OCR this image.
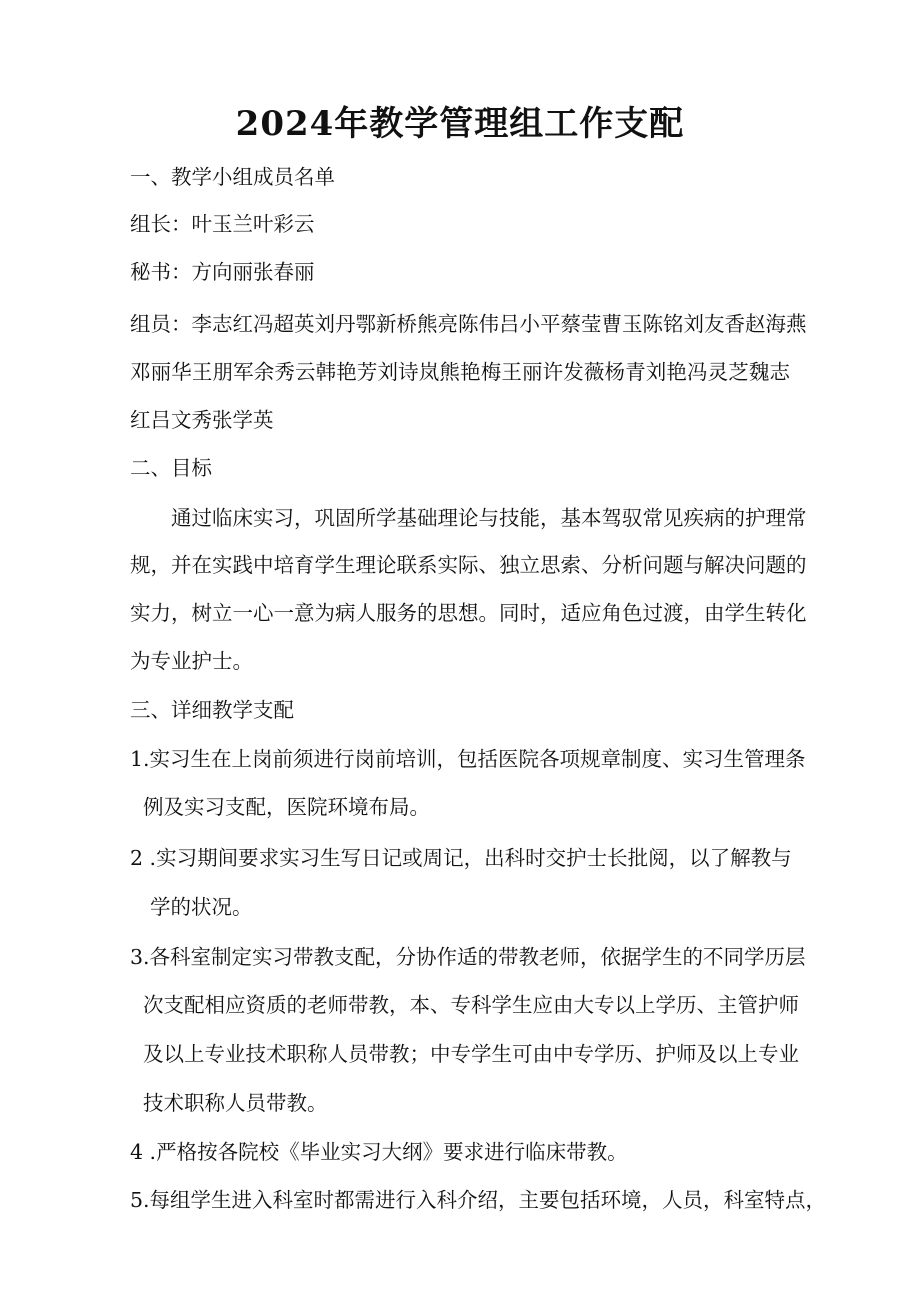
2024年教学管理组工作支配
一、教学小组成员名单
组长：叶玉兰叶彩云
秘书：方向丽张春丽
组员：李志红冯超英刘丹鄂新桥熊亮陈伟吕小平蔡莹曹玉陈铭刘友香赵海燕
邓丽华王朋军余秀云韩艳芳刘诗岚熊艳梅王丽许发薇杨青刘艳冯灵芝魏志
红吕文秀张学英
二、目标
通过临床实习，巩固所学基础理论与技能，基本驾驭常见疾病的护理常
规，并在实践中培育学生理论联系实际、独立思索、分析问题与解决问题的
实力，树立一心一意为病人服务的思想。同时，适应角色过渡，由学生转化
为专业护士。
三、详细教学支配
1.实习生在上岗前须进行岗前培训，包括医院各项规章制度、实习生管理条
例及实习支配，医院环境布局。
2 .实习期间要求实习生写日记或周记，出科时交护士长批阅，以了解教与
学的状况。
3.各科室制定实习带教支配，分协作适的带教老师，依据学生的不同学历层
次支配相应资质的老师带教，本、专科学生应由大专以上学历、主管护师
及以上专业技术职称人员带教；中专学生可由中专学历、护师及以上专业
技术职称人员带教。
4 .严格按各院校《毕业实习大纲》要求进行临床带教。
5.每组学生进入科室时都需进行入科介绍，主要包括环境，人员，科室特点，
